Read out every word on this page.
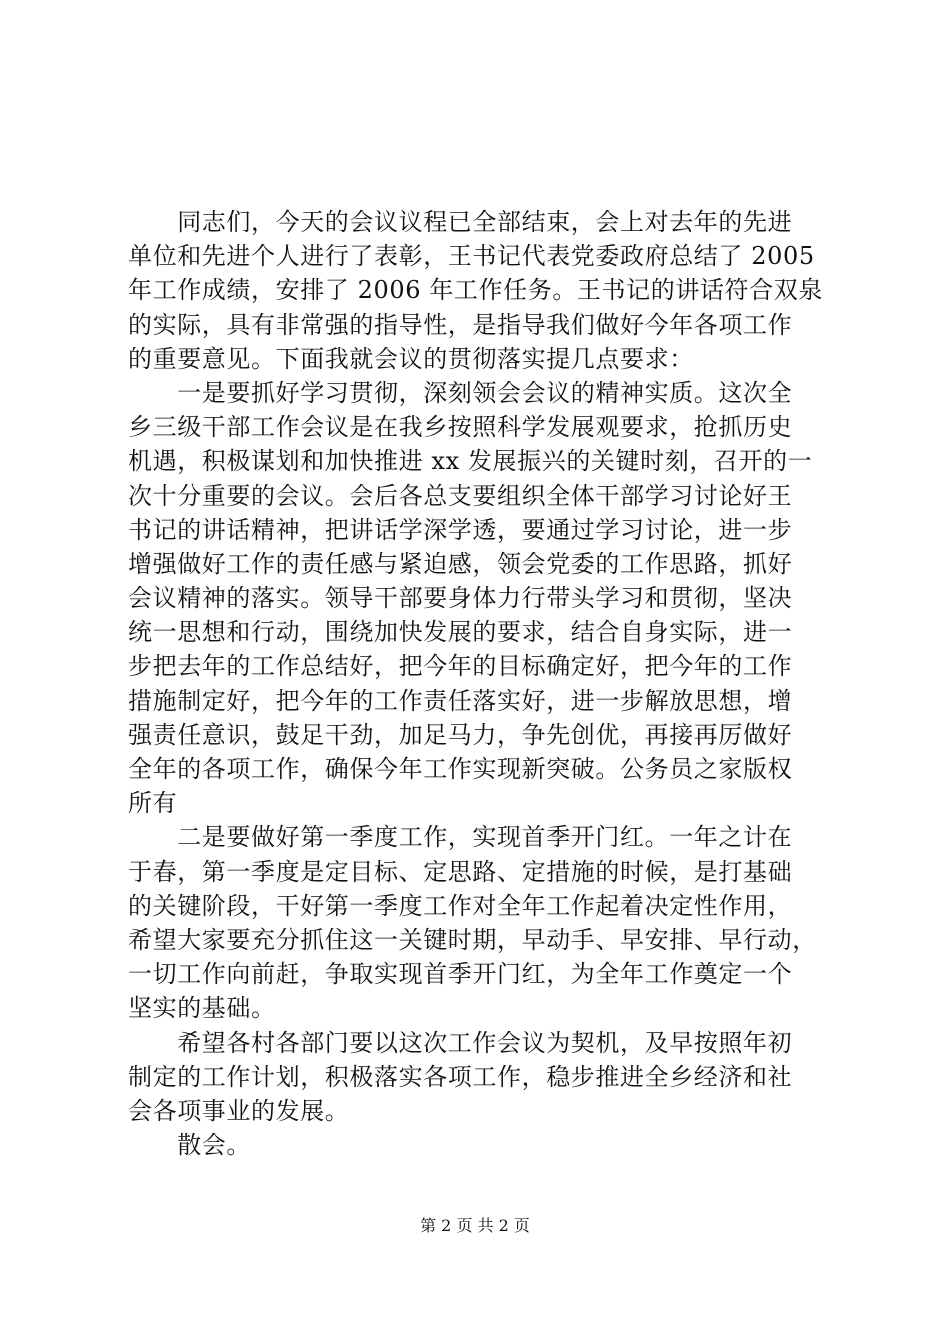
　　同志们，今天的会议议程已全部结束，会上对去年的先进
单位和先进个人进行了表彰，王书记代表党委政府总结了 2005
年工作成绩，安排了 2006 年工作任务。王书记的讲话符合双泉
的实际，具有非常强的指导性，是指导我们做好今年各项工作
的重要意见。下面我就会议的贯彻落实提几点要求：
　　一是要抓好学习贯彻，深刻领会会议的精神实质。这次全
乡三级干部工作会议是在我乡按照科学发展观要求，抢抓历史
机遇，积极谋划和加快推进 xx 发展振兴的关键时刻，召开的一
次十分重要的会议。会后各总支要组织全体干部学习讨论好王
书记的讲话精神，把讲话学深学透，要通过学习讨论，进一步
增强做好工作的责任感与紧迫感，领会党委的工作思路，抓好
会议精神的落实。领导干部要身体力行带头学习和贯彻，坚决
统一思想和行动，围绕加快发展的要求，结合自身实际，进一
步把去年的工作总结好，把今年的目标确定好，把今年的工作
措施制定好，把今年的工作责任落实好，进一步解放思想，增
强责任意识，鼓足干劲，加足马力，争先创优，再接再厉做好
全年的各项工作，确保今年工作实现新突破。公务员之家版权
所有
　　二是要做好第一季度工作，实现首季开门红。一年之计在
于春，第一季度是定目标、定思路、定措施的时候，是打基础
的关键阶段，干好第一季度工作对全年工作起着决定性作用，
希望大家要充分抓住这一关键时期，早动手、早安排、早行动，
一切工作向前赶，争取实现首季开门红，为全年工作奠定一个
坚实的基础。
　　希望各村各部门要以这次工作会议为契机，及早按照年初
制定的工作计划，积极落实各项工作，稳步推进全乡经济和社
会各项事业的发展。
　　散会。
第 2 页 共 2 页
